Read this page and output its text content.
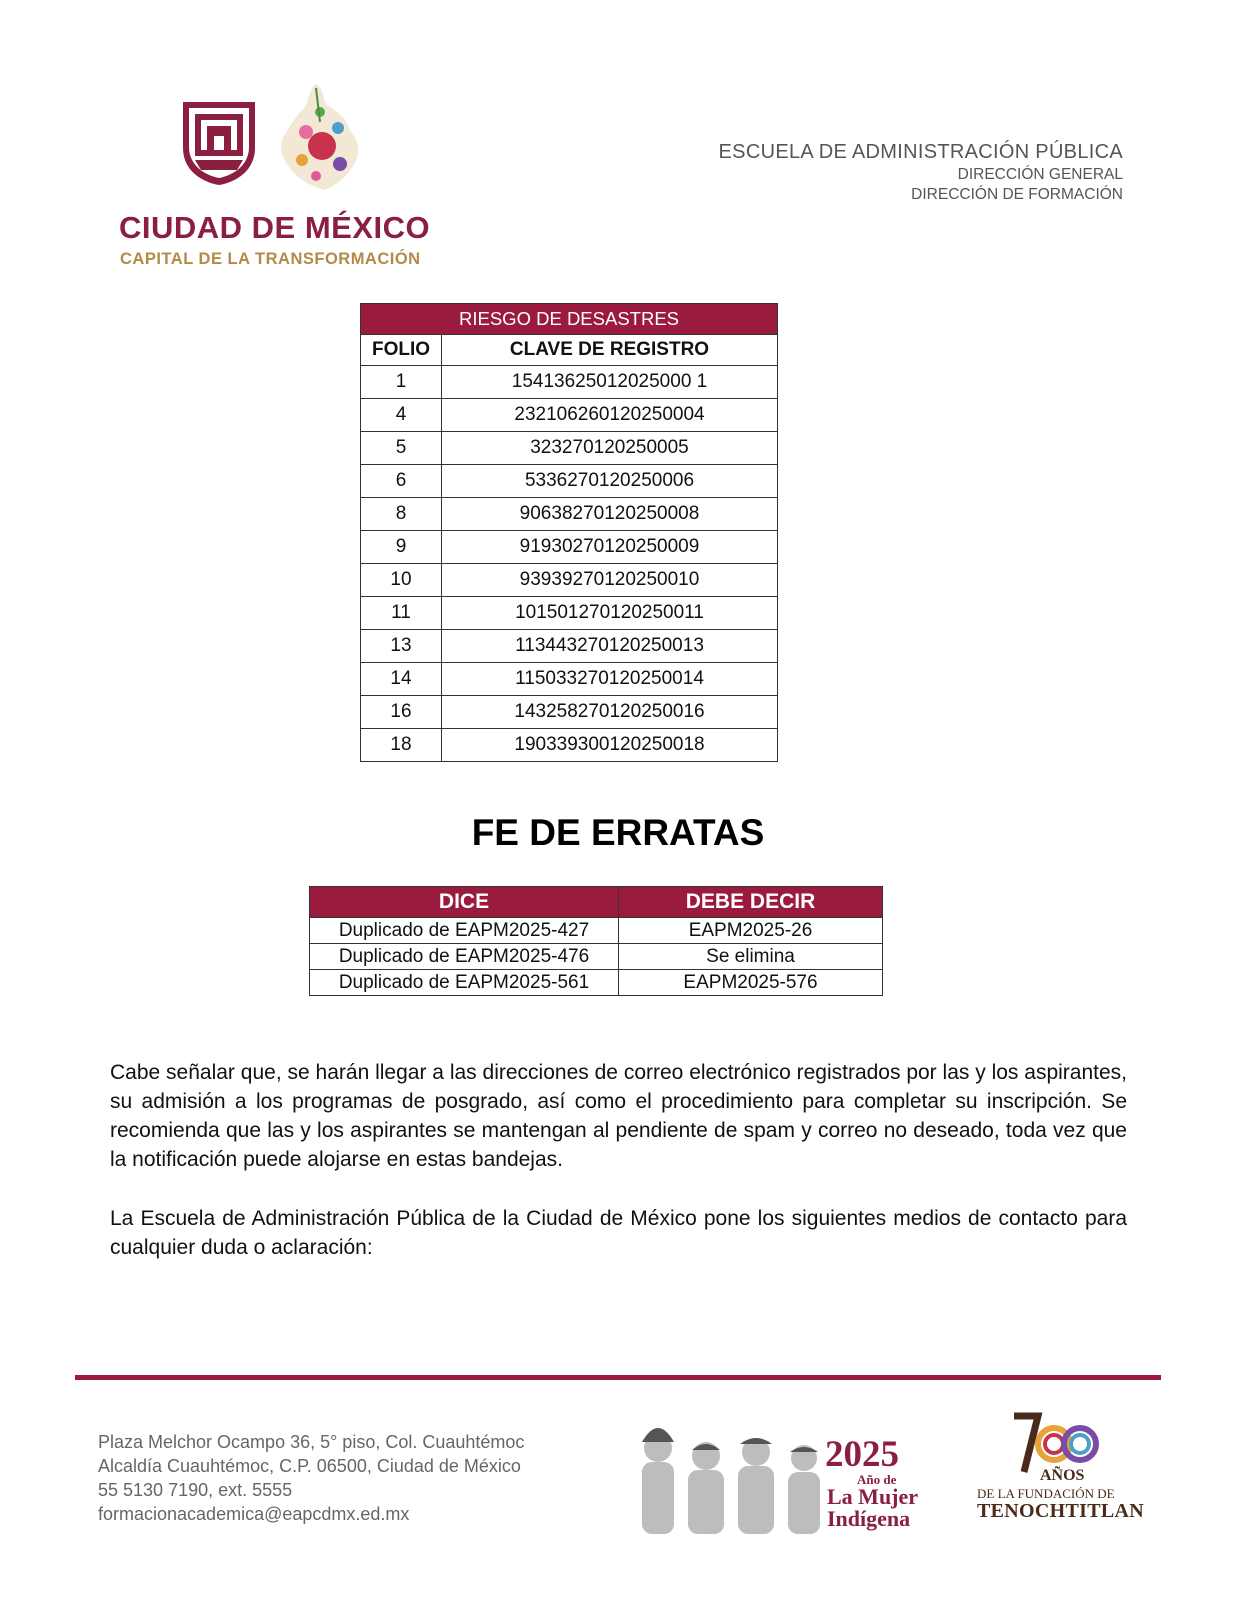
CIUDAD DE MÉXICO
CAPITAL DE LA TRANSFORMACIÓN
ESCUELA DE ADMINISTRACIÓN PÚBLICA
DIRECCIÓN GENERAL
DIRECCIÓN DE FORMACIÓN
RIESGO DE DESASTRES	
FOLIO	CLAVE DE REGISTRO
1	15413625012025000 1
4	232106260120250004
5	323270120250005
6	5336270120250006
8	90638270120250008
9	91930270120250009
10	93939270120250010
11	101501270120250011
13	113443270120250013
14	115033270120250014
16	143258270120250016
18	190339300120250018
FE DE ERRATAS
DICE	DEBE DECIR
Duplicado de EAPM2025-427	EAPM2025-26
Duplicado de EAPM2025-476	Se elimina
Duplicado de EAPM2025-561	EAPM2025-576

Cabe señalar que, se harán llegar a las direcciones de correo electrónico registrados por las y los aspirantes, su admisión a los programas de posgrado, así como el procedimiento para completar su inscripción. Se recomienda que las y los aspirantes se mantengan al pendiente de spam y correo no deseado, toda vez que la notificación puede alojarse en estas bandejas.

La Escuela de Administración Pública de la Ciudad de México pone los siguientes medios de contacto para cualquier duda o aclaración:

Plaza Melchor Ocampo 36, 5° piso, Col. Cuauhtémoc
Alcaldía Cuauhtémoc, C.P. 06500, Ciudad de México
55 5130 7190, ext. 5555
formacionacademica@eapcdmx.ed.mx
2025
Año de
La Mujer
Indígena
AÑOS
DE LA FUNDACIÓN DE
TENOCHTITLAN
